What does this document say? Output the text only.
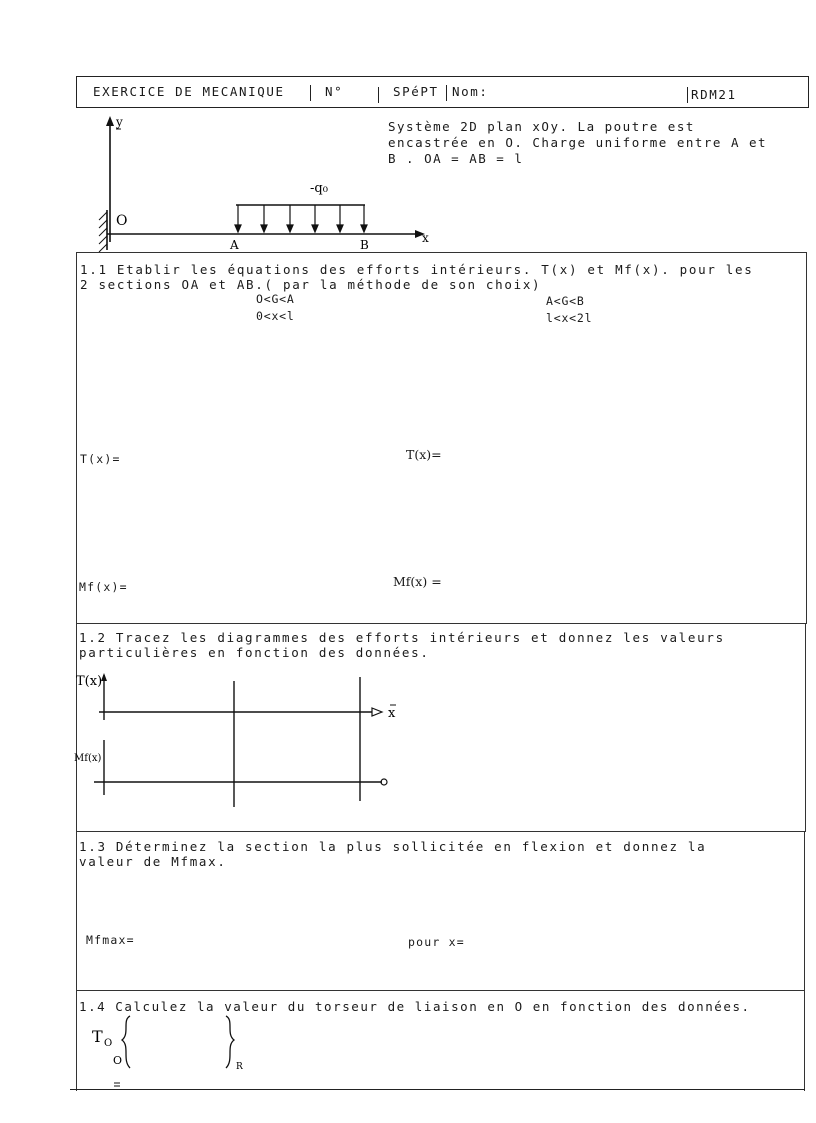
EXERCICE DE MECANIQUE	N°	SPéPT Nom:	RDM21
Système 2D plan xOy. La poutre est
encastrée en O. Charge uniforme entre A et
B . OA = AB = l
y
O
x
-q₀
A	B
1.1 Etablir les équations des efforts intérieurs. T(x) et Mf(x). pour les
2 sections OA et AB.( par la méthode de son choix)
O<G<A
0<x<l
A<G<B
l<x<2l
T(x)=	T(x)=
Mf(x)=	Mf(x) =
1.2 Tracez les diagrammes des efforts intérieurs et donnez les valeurs
particulières en fonction des données.
T(x)
x
Mf(x)
1.3 Déterminez la section la plus sollicitée en flexion et donnez la
valeur de Mfmax.
Mfmax=	pour x=
1.4 Calculez la valeur du torseur de liaison en O en fonction des données.
T O
O	R
